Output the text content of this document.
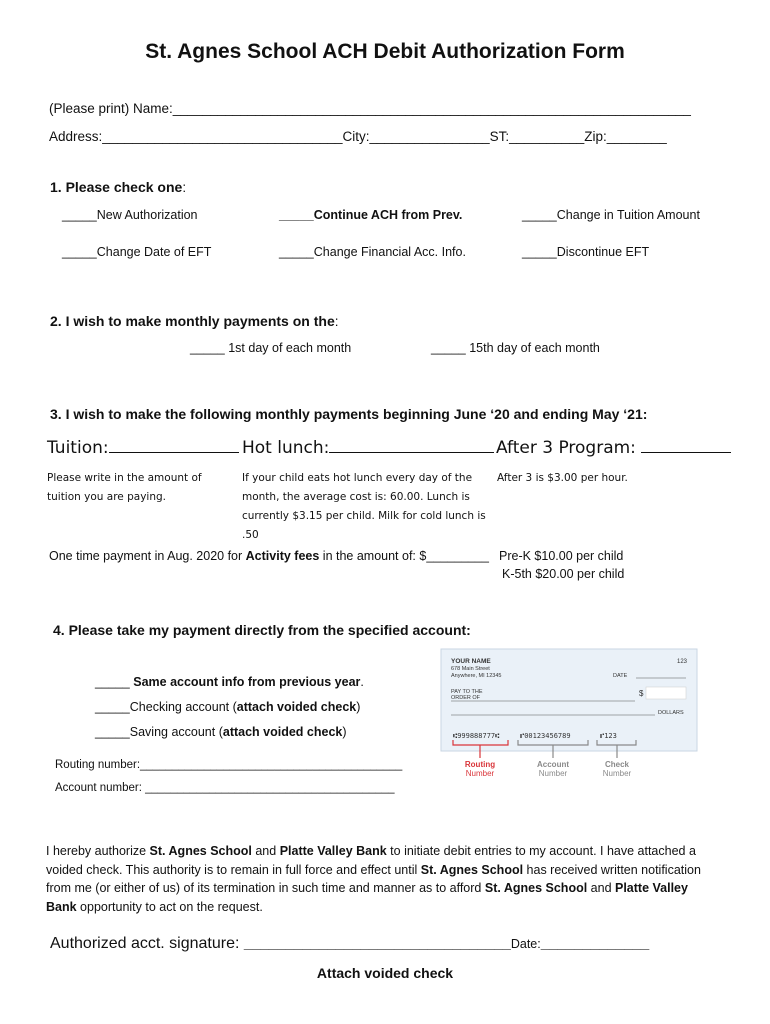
St. Agnes School ACH Debit Authorization Form
(Please print) Name:_____________________________________________________________________
Address:________________________________City:________________ST:__________Zip:________
1. Please check one:
_____New Authorization	_____Continue ACH from Prev.	_____Change in Tuition Amount
_____Change Date of EFT	_____Change Financial Acc. Info.	_____Discontinue EFT
2. I wish to make monthly payments on the:
_____ 1st day of each month	_____ 15th day of each month
3. I wish to make the following monthly payments beginning June ‘20 and ending May ‘21:
Tuition:	Hot lunch:	After 3 Program:
Please write in the amount of tuition you are paying.
If your child eats hot lunch every day of the month, the average cost is: 60.00. Lunch is currently $3.15 per child. Milk for cold lunch is .50
After 3 is $3.00 per hour.
One time payment in Aug. 2020 for Activity fees in the amount of: $_________ Pre-K $10.00 per child
K-5th $20.00 per child
4. Please take my payment directly from the specified account:
_____ Same account info from previous year.
_____Checking account (attach voided check)
_____Saving account (attach voided check)
Routing number:_________________________________________
Account number: _______________________________________
YOUR NAME
678 Main Street
Anywhere, MI 12345
123
DATE
PAY TO THE
ORDER OF	$
DOLLARS
⑆999888777⑆	⑈00123456789	⑈123
Routing
Number
Account
Number
Check
Number
I hereby authorize St. Agnes School and Platte Valley Bank to initiate debit entries to my account. I have attached a voided check. This authority is to remain in full force and effect until St. Agnes School has received written notification from me (or either of us) of its termination in such time and manner as to afford St. Agnes School and Platte Valley Bank opportunity to act on the request.
Authorized acct. signature: ________________________________Date:_____________
Attach voided check
